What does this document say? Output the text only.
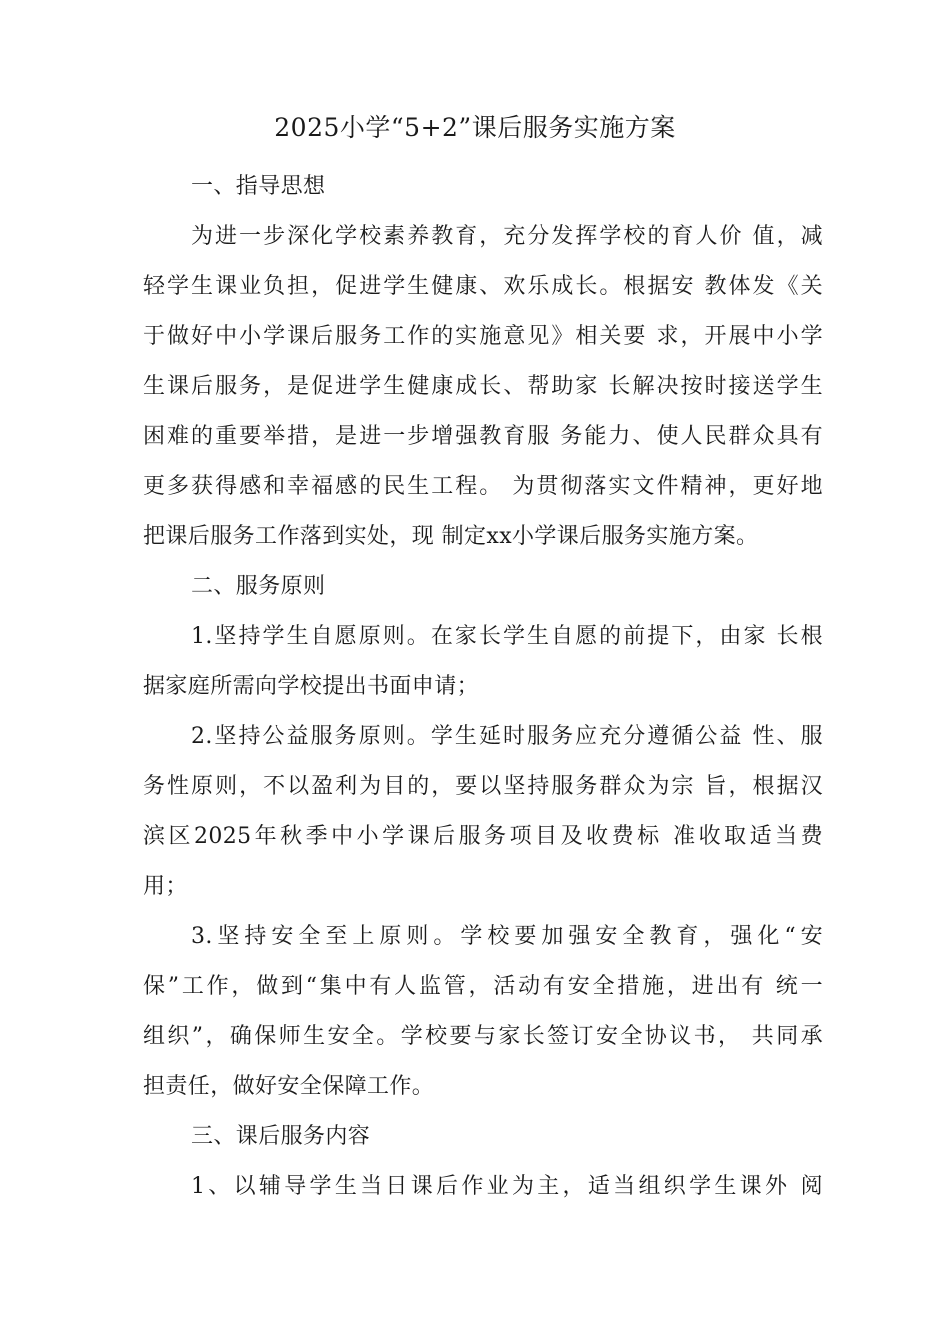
2025小学“5+2”课后服务实施方案
一、指导思想
为进一步深化学校素养教育，充分发挥学校的育人价 值，减
轻学生课业负担，促进学生健康、欢乐成长。根据安 教体发《关
于做好中小学课后服务工作的实施意见》相关要 求，开展中小学
生课后服务，是促进学生健康成长、帮助家 长解决按时接送学生
困难的重要举措，是进一步增强教育服 务能力、使人民群众具有
更多获得感和幸福感的民生工程。 为贯彻落实文件精神，更好地
把课后服务工作落到实处，现 制定xx小学课后服务实施方案。
二、服务原则
1.坚持学生自愿原则。在家长学生自愿的前提下，由家 长根
据家庭所需向学校提出书面申请；
2.坚持公益服务原则。学生延时服务应充分遵循公益 性、服
务性原则，不以盈利为目的，要以坚持服务群众为宗 旨，根据汉
滨区2025年秋季中小学课后服务项目及收费标 准收取适当费
用；
3.坚持安全至上原则。学校要加强安全教育，强化“安
保”工作，做到“集中有人监管，活动有安全措施，进出有 统一
组织”，确保师生安全。学校要与家长签订安全协议书， 共同承
担责任，做好安全保障工作。
三、课后服务内容
1、以辅导学生当日课后作业为主，适当组织学生课外 阅
